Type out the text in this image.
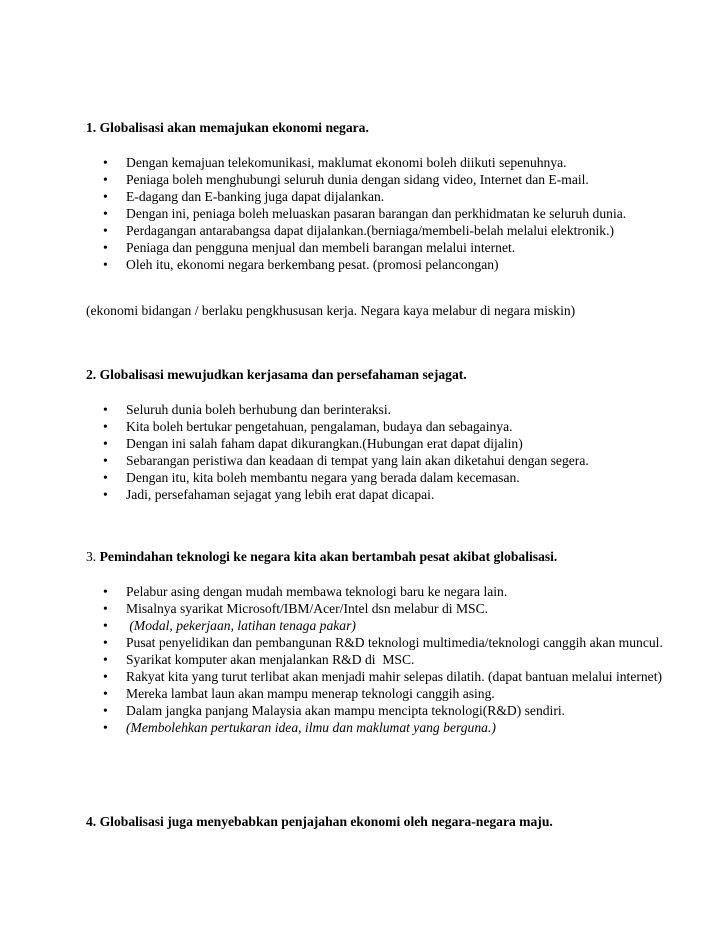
1. Globalisasi akan memajukan ekonomi negara.

• Dengan kemajuan telekomunikasi, maklumat ekonomi boleh diikuti sepenuhnya.
• Peniaga boleh menghubungi seluruh dunia dengan sidang video, Internet dan E-mail.
• E-dagang dan E-banking juga dapat dijalankan.
• Dengan ini, peniaga boleh meluaskan pasaran barangan dan perkhidmatan ke seluruh dunia.
• Perdagangan antarabangsa dapat dijalankan.(berniaga/membeli-belah melalui elektronik.)
• Peniaga dan pengguna menjual dan membeli barangan melalui internet.
• Oleh itu, ekonomi negara berkembang pesat. (promosi pelancongan)

(ekonomi bidangan / berlaku pengkhususan kerja. Negara kaya melabur di negara miskin)

2. Globalisasi mewujudkan kerjasama dan persefahaman sejagat.

• Seluruh dunia boleh berhubung dan berinteraksi.
• Kita boleh bertukar pengetahuan, pengalaman, budaya dan sebagainya.
• Dengan ini salah faham dapat dikurangkan.(Hubungan erat dapat dijalin)
• Sebarangan peristiwa dan keadaan di tempat yang lain akan diketahui dengan segera.
• Dengan itu, kita boleh membantu negara yang berada dalam kecemasan.
• Jadi, persefahaman sejagat yang lebih erat dapat dicapai.

3. Pemindahan teknologi ke negara kita akan bertambah pesat akibat globalisasi.

• Pelabur asing dengan mudah membawa teknologi baru ke negara lain.
• Misalnya syarikat Microsoft/IBM/Acer/Intel dsn melabur di MSC.
• (Modal, pekerjaan, latihan tenaga pakar)
• Pusat penyelidikan dan pembangunan R&D teknologi multimedia/teknologi canggih akan muncul.
• Syarikat komputer akan menjalankan R&D di  MSC.
• Rakyat kita yang turut terlibat akan menjadi mahir selepas dilatih. (dapat bantuan melalui internet)
• Mereka lambat laun akan mampu menerap teknologi canggih asing.
• Dalam jangka panjang Malaysia akan mampu mencipta teknologi(R&D) sendiri.
• (Membolehkan pertukaran idea, ilmu dan maklumat yang berguna.)

4. Globalisasi juga menyebabkan penjajahan ekonomi oleh negara-negara maju.
